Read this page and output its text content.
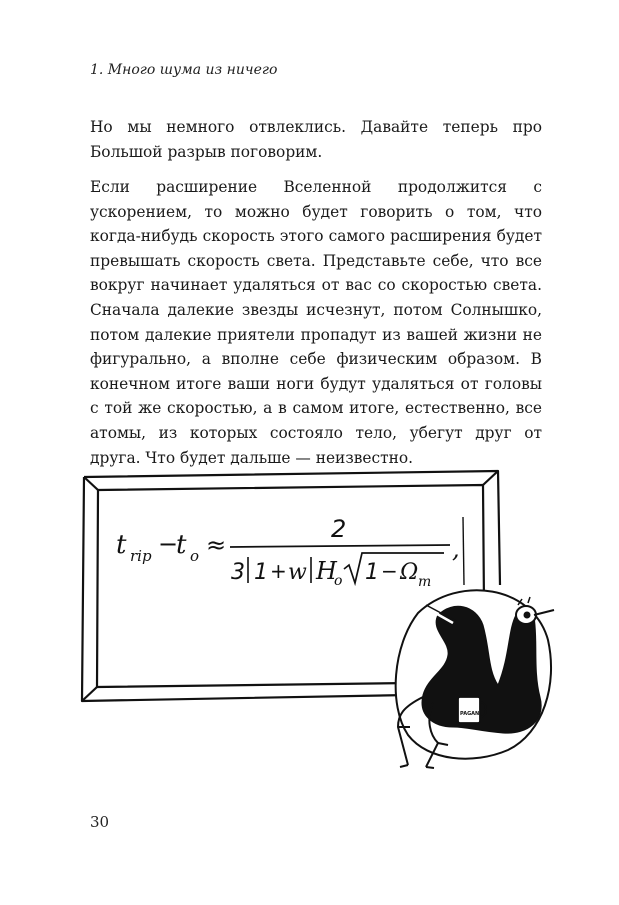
1. Много шума из ничего

Но мы немного отвлеклись. Давайте теперь про Большой разрыв поговорим.

Если расширение Вселенной продолжится с ускорением, то можно будет говорить о том, что когда-нибудь скорость этого самого расширения будет превышать скорость света. Представьте себе, что все вокруг начинает удаляться от вас со скоростью света. Сначала далекие звезды исчезнут, потом Солнышко, потом далекие приятели пропадут из вашей жизни не фигурально, а вполне себе физическим образом. В конечном итоге ваши ноги будут удаляться от головы с той же скоростью, а в самом итоге, естественно, все атомы, из которых состояло тело, убегут друг от друга. Что будет дальше — неизвестно.

t rip −
t o ≈
2
3 1 + w H
o 1 − Ω m
,
PAGANI
30
